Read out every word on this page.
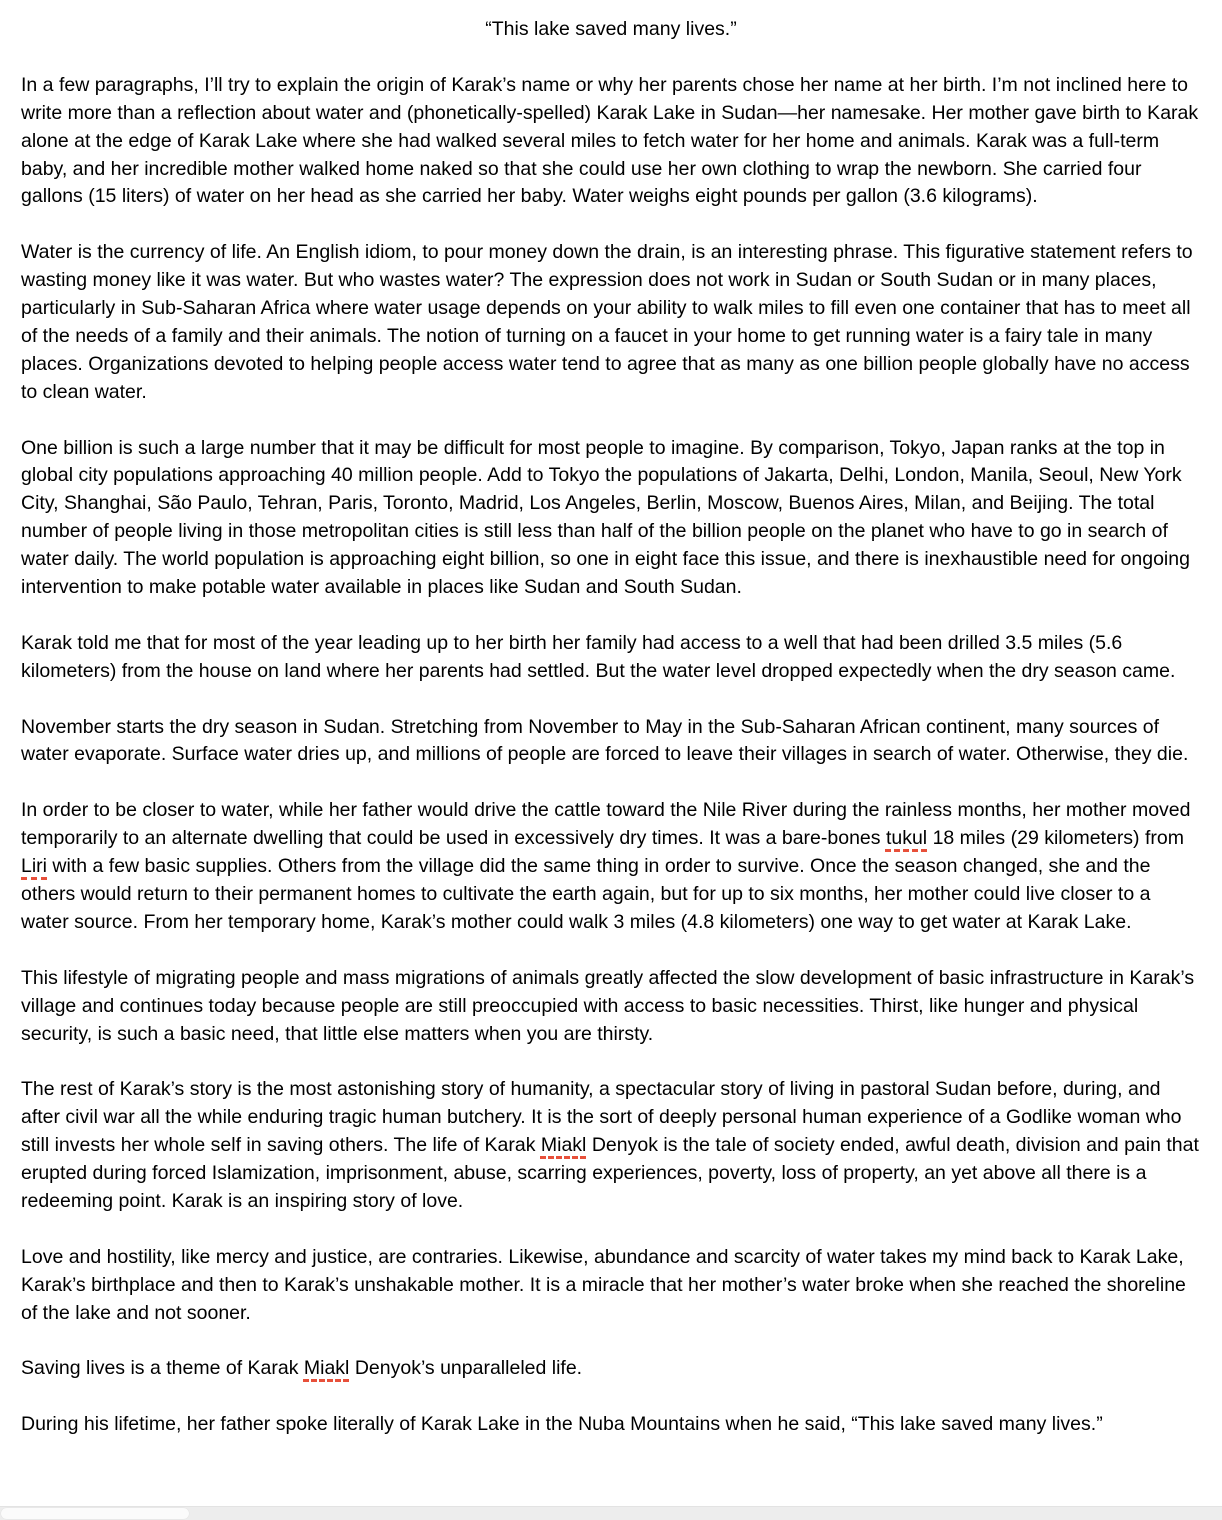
“This lake saved many lives.”

In a few paragraphs, I’ll try to explain the origin of Karak’s name or why her parents chose her name at her birth. I’m not inclined here to write more than a reflection about water and (phonetically-spelled) Karak Lake in Sudan—her namesake. Her mother gave birth to Karak alone at the edge of Karak Lake where she had walked several miles to fetch water for her home and animals. Karak was a full-term baby, and her incredible mother walked home naked so that she could use her own clothing to wrap the newborn. She carried four gallons (15 liters) of water on her head as she carried her baby. Water weighs eight pounds per gallon (3.6 kilograms).

Water is the currency of life. An English idiom, to pour money down the drain, is an interesting phrase. This figurative statement refers to wasting money like it was water. But who wastes water? The expression does not work in Sudan or South Sudan or in many places, particularly in Sub-Saharan Africa where water usage depends on your ability to walk miles to fill even one container that has to meet all of the needs of a family and their animals. The notion of turning on a faucet in your home to get running water is a fairy tale in many places. Organizations devoted to helping people access water tend to agree that as many as one billion people globally have no access to clean water.

One billion is such a large number that it may be difficult for most people to imagine. By comparison, Tokyo, Japan ranks at the top in global city populations approaching 40 million people. Add to Tokyo the populations of Jakarta, Delhi, London, Manila, Seoul, New York City, Shanghai, São Paulo, Tehran, Paris, Toronto, Madrid, Los Angeles, Berlin, Moscow, Buenos Aires, Milan, and Beijing. The total number of people living in those metropolitan cities is still less than half of the billion people on the planet who have to go in search of water daily. The world population is approaching eight billion, so one in eight face this issue, and there is inexhaustible need for ongoing intervention to make potable water available in places like Sudan and South Sudan.

Karak told me that for most of the year leading up to her birth her family had access to a well that had been drilled 3.5 miles (5.6 kilometers) from the house on land where her parents had settled. But the water level dropped expectedly when the dry season came.

November starts the dry season in Sudan. Stretching from November to May in the Sub-Saharan African continent, many sources of water evaporate. Surface water dries up, and millions of people are forced to leave their villages in search of water. Otherwise, they die.

In order to be closer to water, while her father would drive the cattle toward the Nile River during the rainless months, her mother moved temporarily to an alternate dwelling that could be used in excessively dry times. It was a bare-bones tukul 18 miles (29 kilometers) from Liri with a few basic supplies. Others from the village did the same thing in order to survive. Once the season changed, she and the others would return to their permanent homes to cultivate the earth again, but for up to six months, her mother could live closer to a water source. From her temporary home, Karak’s mother could walk 3 miles (4.8 kilometers) one way to get water at Karak Lake.

This lifestyle of migrating people and mass migrations of animals greatly affected the slow development of basic infrastructure in Karak’s village and continues today because people are still preoccupied with access to basic necessities. Thirst, like hunger and physical security, is such a basic need, that little else matters when you are thirsty.

The rest of Karak’s story is the most astonishing story of humanity, a spectacular story of living in pastoral Sudan before, during, and after civil war all the while enduring tragic human butchery. It is the sort of deeply personal human experience of a Godlike woman who still invests her whole self in saving others. The life of Karak Miakl Denyok is the tale of society ended, awful death, division and pain that erupted during forced Islamization, imprisonment, abuse, scarring experiences, poverty, loss of property, an yet above all there is a redeeming point. Karak is an inspiring story of love.

Love and hostility, like mercy and justice, are contraries. Likewise, abundance and scarcity of water takes my mind back to Karak Lake, Karak’s birthplace and then to Karak’s unshakable mother. It is a miracle that her mother’s water broke when she reached the shoreline of the lake and not sooner.

Saving lives is a theme of Karak Miakl Denyok’s unparalleled life.

During his lifetime, her father spoke literally of Karak Lake in the Nuba Mountains when he said, “This lake saved many lives.”
